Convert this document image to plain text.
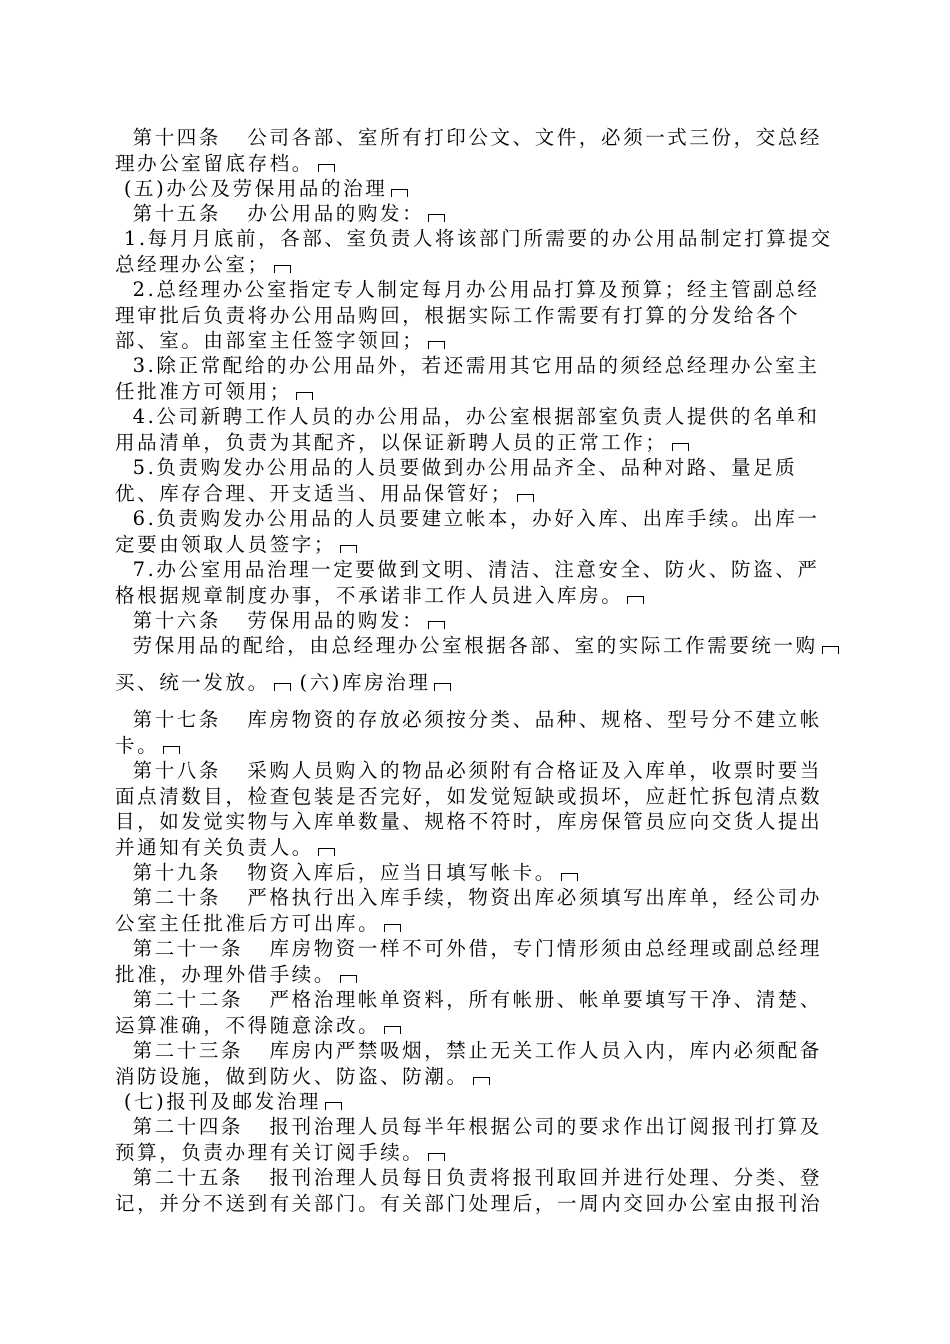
第十四条   公司各部、室所有打印公文、文件，必须一式三份，交总经理办公室留底存档。
(五)办公及劳保用品的治理
第十五条   办公用品的购发：
1.每月月底前，各部、室负责人将该部门所需要的办公用品制定打算提交总经理办公室；
2.总经理办公室指定专人制定每月办公用品打算及预算；经主管副总经理审批后负责将办公用品购回，根据实际工作需要有打算的分发给各个部、室。由部室主任签字领回；
3.除正常配给的办公用品外，若还需用其它用品的须经总经理办公室主任批准方可领用；
4.公司新聘工作人员的办公用品，办公室根据部室负责人提供的名单和用品清单，负责为其配齐，以保证新聘人员的正常工作；
5.负责购发办公用品的人员要做到办公用品齐全、品种对路、量足质优、库存合理、开支适当、用品保管好；
6.负责购发办公用品的人员要建立帐本，办好入库、出库手续。出库一定要由领取人员签字；
7.办公室用品治理一定要做到文明、清洁、注意安全、防火、防盗、严格根据规章制度办事，不承诺非工作人员进入库房。
第十六条   劳保用品的购发：
劳保用品的配给，由总经理办公室根据各部、室的实际工作需要统一购
买、统一发放。 (六)库房治理
第十七条   库房物资的存放必须按分类、品种、规格、型号分不建立帐卡。
第十八条   采购人员购入的物品必须附有合格证及入库单，收票时要当面点清数目，检查包装是否完好，如发觉短缺或损坏，应赶忙拆包清点数目，如发觉实物与入库单数量、规格不符时，库房保管员应向交货人提出并通知有关负责人。
第十九条   物资入库后，应当日填写帐卡。
第二十条   严格执行出入库手续，物资出库必须填写出库单，经公司办公室主任批准后方可出库。
第二十一条   库房物资一样不可外借，专门情形须由总经理或副总经理批准，办理外借手续。
第二十二条   严格治理帐单资料，所有帐册、帐单要填写干净、清楚、运算准确，不得随意涂改。
第二十三条   库房内严禁吸烟，禁止无关工作人员入内，库内必须配备消防设施，做到防火、防盗、防潮。
(七)报刊及邮发治理
第二十四条   报刊治理人员每半年根据公司的要求作出订阅报刊打算及预算，负责办理有关订阅手续。
第二十五条   报刊治理人员每日负责将报刊取回并进行处理、分类、登记，并分不送到有关部门。有关部门处理后，一周内交回办公室由报刊治
